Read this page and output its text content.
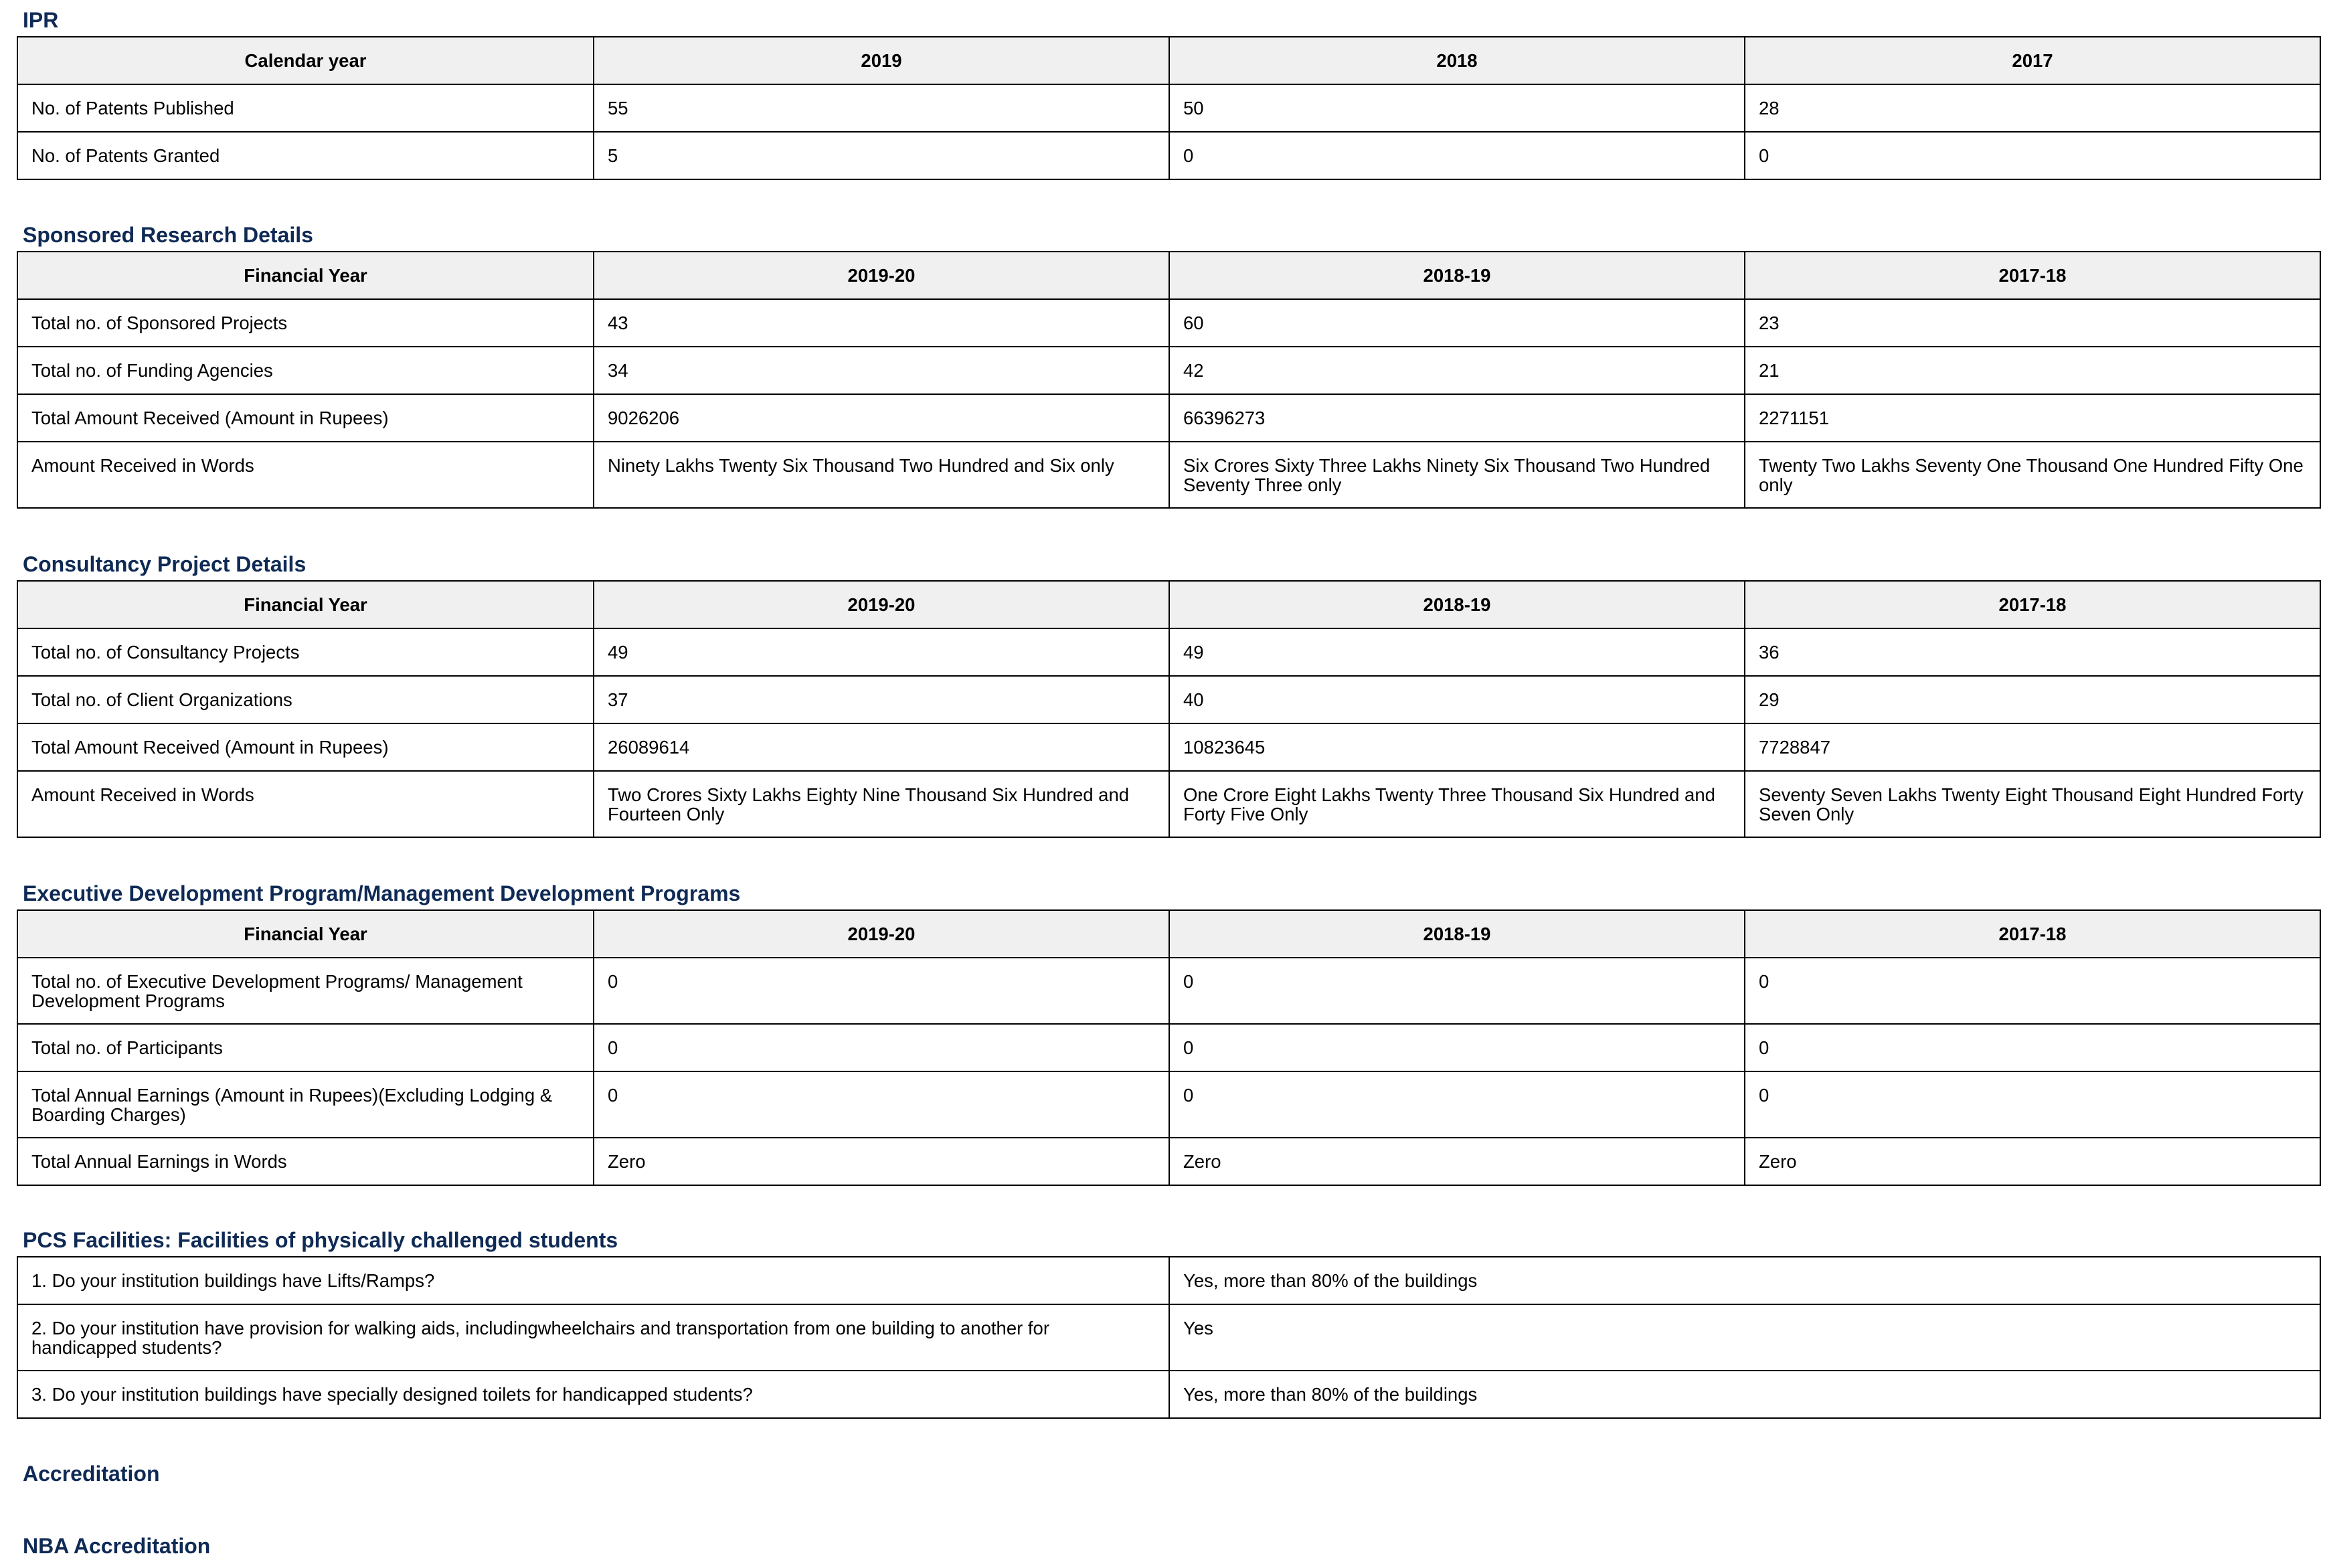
IPR
Calendar year	2019	2018	2017
No. of Patents Published	55	50	28
No. of Patents Granted	5	0	0
Sponsored Research Details
Financial Year	2019-20	2018-19	2017-18
Total no. of Sponsored Projects	43	60	23
Total no. of Funding Agencies	34	42	21
Total Amount Received (Amount in Rupees)	9026206	66396273	2271151
Amount Received in Words	Ninety Lakhs Twenty Six Thousand Two Hundred and Six only	Six Crores Sixty Three Lakhs Ninety Six Thousand Two Hundred Seventy Three only	Twenty Two Lakhs Seventy One Thousand One Hundred Fifty One only
Consultancy Project Details
Financial Year	2019-20	2018-19	2017-18
Total no. of Consultancy Projects	49	49	36
Total no. of Client Organizations	37	40	29
Total Amount Received (Amount in Rupees)	26089614	10823645	7728847
Amount Received in Words	Two Crores Sixty Lakhs Eighty Nine Thousand Six Hundred and Fourteen Only	One Crore Eight Lakhs Twenty Three Thousand Six Hundred and Forty Five Only	Seventy Seven Lakhs Twenty Eight Thousand Eight Hundred Forty Seven Only
Executive Development Program/Management Development Programs
Financial Year	2019-20	2018-19	2017-18
Total no. of Executive Development Programs/ Management Development Programs	0	0	0
Total no. of Participants	0	0	0
Total Annual Earnings (Amount in Rupees)(Excluding Lodging & Boarding Charges)	0	0	0
Total Annual Earnings in Words	Zero	Zero	Zero
PCS Facilities: Facilities of physically challenged students
1. Do your institution buildings have Lifts/Ramps?	Yes, more than 80% of the buildings
2. Do your institution have provision for walking aids, includingwheelchairs and transportation from one building to another for handicapped students?	Yes
3. Do your institution buildings have specially designed toilets for handicapped students?	Yes, more than 80% of the buildings
Accreditation
NBA Accreditation
